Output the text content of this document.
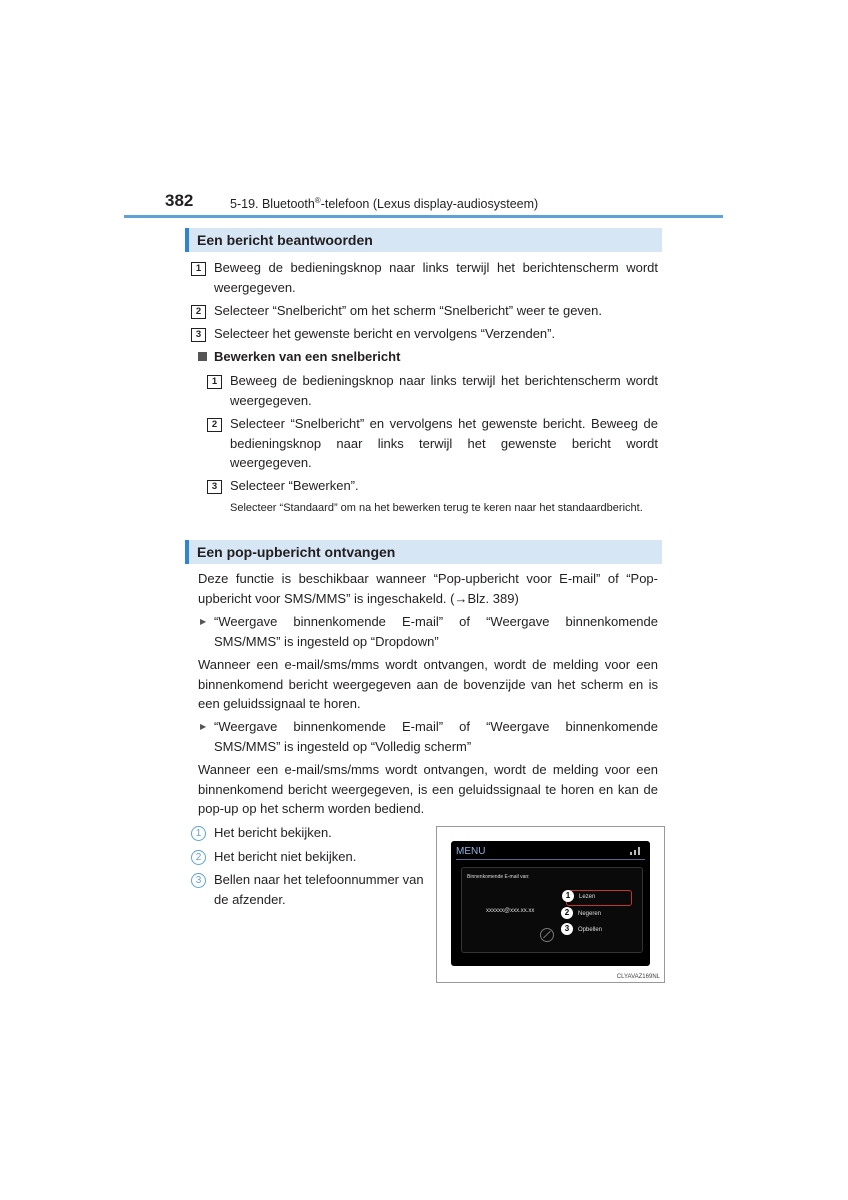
382	5-19. Bluetooth®-telefoon (Lexus display-audiosysteem)
Een bericht beantwoorden
1 Beweeg de bedieningsknop naar links terwijl het berichtenscherm wordt weergegeven.
2 Selecteer “Snelbericht” om het scherm “Snelbericht” weer te geven.
3 Selecteer het gewenste bericht en vervolgens “Verzenden”.
Bewerken van een snelbericht
1 Beweeg de bedieningsknop naar links terwijl het berichtenscherm wordt weergegeven.
2 Selecteer “Snelbericht” en vervolgens het gewenste bericht. Beweeg de bedieningsknop naar links terwijl het gewenste bericht wordt weergegeven.
3 Selecteer “Bewerken”.
Selecteer “Standaard” om na het bewerken terug te keren naar het standaardbericht.
Een pop-upbericht ontvangen
Deze functie is beschikbaar wanneer “Pop-upbericht voor E-mail” of “Pop-upbericht voor SMS/MMS” is ingeschakeld. (→Blz. 389)
▶ “Weergave binnenkomende E-mail” of “Weergave binnenkomende SMS/MMS” is ingesteld op “Dropdown”
Wanneer een e-mail/sms/mms wordt ontvangen, wordt de melding voor een binnenkomend bericht weergegeven aan de bovenzijde van het scherm en is een geluidssignaal te horen.
▶ “Weergave binnenkomende E-mail” of “Weergave binnenkomende SMS/MMS” is ingesteld op “Volledig scherm”
Wanneer een e-mail/sms/mms wordt ontvangen, wordt de melding voor een binnenkomend bericht weergegeven, is een geluidssignaal te horen en kan de pop-up op het scherm worden bediend.
1 Het bericht bekijken.
2 Het bericht niet bekijken.
3 Bellen naar het telefoonnummer van de afzender.
MENU
Binnenkomende E-mail van:
xxxxxx@xxx.xx.xx
1	Lezen
2	Negeren
3	Opbellen
CLYAVAZ169NL
